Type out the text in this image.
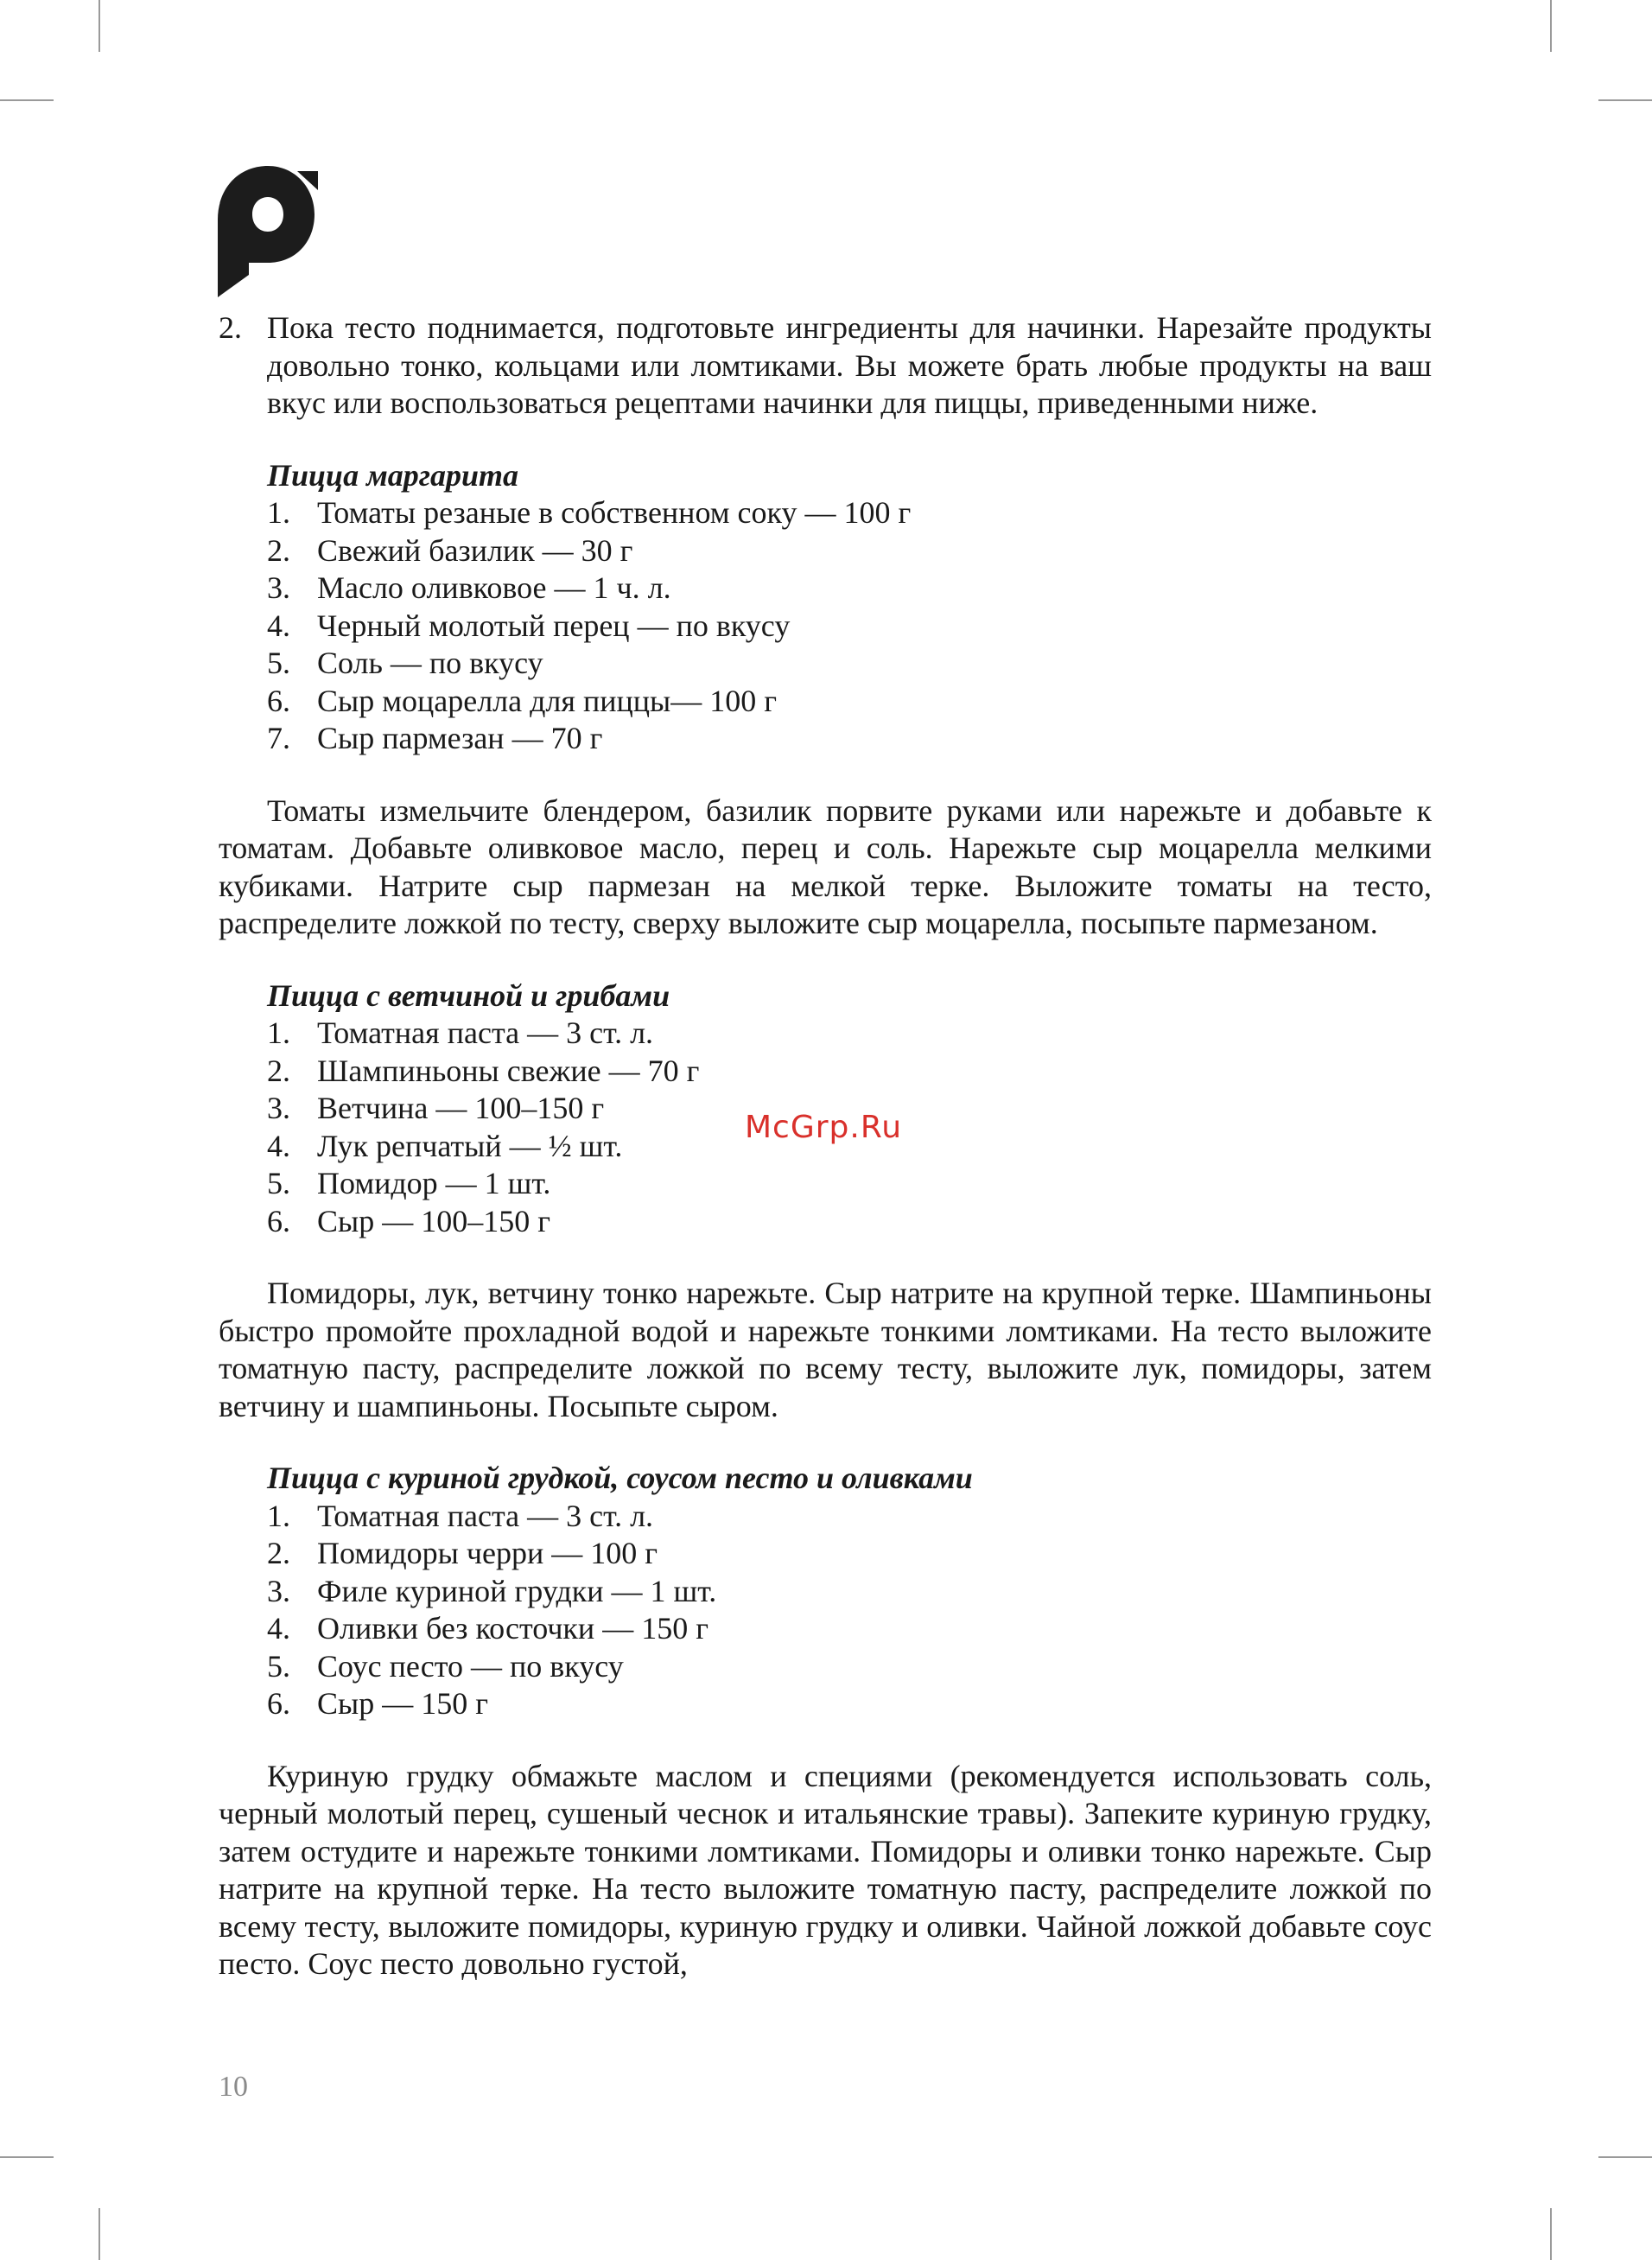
2. Пока тесто поднимается, подготовьте ингредиенты для начинки. Нарезайте продукты довольно тонко, кольцами или ломтиками. Вы можете брать любые продукты на ваш вкус или воспользоваться рецептами начинки для пиццы, приведенными ниже.
Пицца маргарита
1. Томаты резаные в собственном соку — 100 г
2. Свежий базилик — 30 г
3. Масло оливковое — 1 ч. л.
4. Черный молотый перец — по вкусу
5. Соль — по вкусу
6. Сыр моцарелла для пиццы— 100 г
7. Сыр пармезан — 70 г

Томаты измельчите блендером, базилик порвите руками или нарежьте и добавьте к томатам. Добавьте оливковое масло, перец и соль. Нарежьте сыр моцарелла мелкими кубиками. Натрите сыр пармезан на мелкой терке. Выложите томаты на тесто, распределите ложкой по тесту, сверху выложите сыр моцарелла, посыпьте пармезаном.

Пицца с ветчиной и грибами
1. Томатная паста — 3 ст. л.
2. Шампиньоны свежие — 70 г
3. Ветчина — 100–150 г
4. Лук репчатый — ½ шт.
5. Помидор — 1 шт.
6. Сыр — 100–150 г

Помидоры, лук, ветчину тонко нарежьте. Сыр натрите на крупной терке. Шампиньоны быстро промойте прохладной водой и нарежьте тонкими ломтиками. На тесто выложите томатную пасту, распределите ложкой по всему тесту, выложите лук, помидоры, затем ветчину и шампиньоны. Посыпьте сыром.

Пицца с куриной грудкой, соусом песто и оливками
1. Томатная паста — 3 ст. л.
2. Помидоры черри — 100 г
3. Филе куриной грудки — 1 шт.
4. Оливки без косточки — 150 г
5. Соус песто — по вкусу
6. Сыр — 150 г

Куриную грудку обмажьте маслом и специями (рекомендуется использовать соль, черный молотый перец, сушеный чеснок и итальянские травы). Запеките куриную грудку, затем остудите и нарежьте тонкими ломтиками. Помидоры и оливки тонко нарежьте. Сыр натрите на крупной терке. На тесто выложите томатную пасту, распределите ложкой по всему тесту, выложите помидоры, куриную грудку и оливки. Чайной ложкой добавьте соус песто. Соус песто довольно густой,

McGrp.Ru
10
